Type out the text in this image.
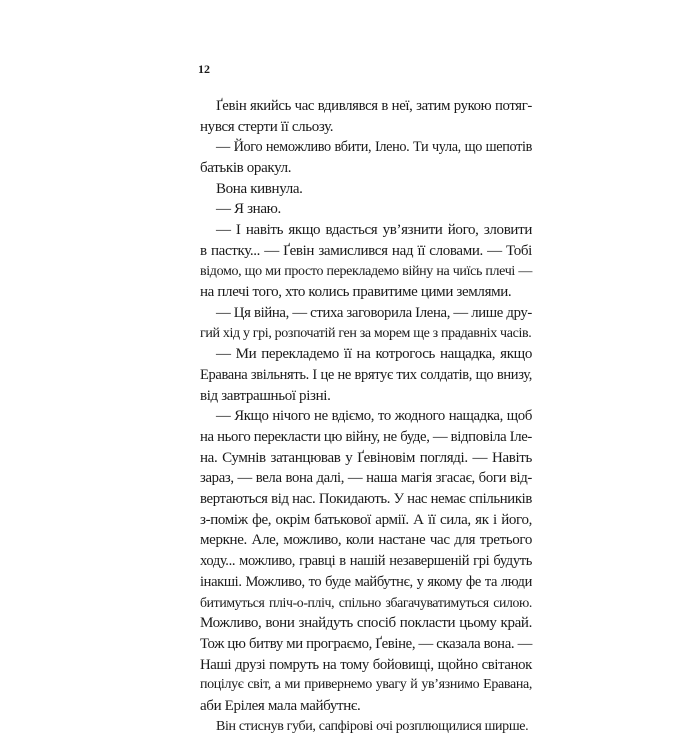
12
Ґевін якийсь час вдивлявся в неї, затим рукою потяг-
нувся стерти її сльозу.
— Його неможливо вбити, Ілено. Ти чула, що шепотів
батьків оракул.
Вона кивнула.
— Я знаю.
— І навіть якщо вдасться ув’язнити його, зловити
в пастку... — Ґевін замислився над її словами. — Тобі
відомо, що ми просто перекладемо війну на чиїсь плечі —
на плечі того, хто колись правитиме цими землями.
— Ця війна, — стиха заговорила Ілена, — лише дру-
гий хід у грі, розпочатій ген за морем ще з прадавніх часів.
— Ми перекладемо її на котрогось нащадка, якщо
Еравана звільнять. І це не врятує тих солдатів, що внизу,
від завтрашньої різні.
— Якщо нічого не вдіємо, то жодного нащадка, щоб
на нього перекласти цю війну, не буде, — відповіла Іле-
на. Сумнів затанцював у Ґевіновім погляді. — Навіть
зараз, — вела вона далі, — наша магія згасає, боги від-
вертаються від нас. Покидають. У нас немає спільників
з-поміж фе, окрім батькової армії. А її сила, як і його,
меркне. Але, можливо, коли настане час для третього
ходу... можливо, гравці в нашій незавершеній грі будуть
інакші. Можливо, то буде майбутнє, у якому фе та люди
битимуться пліч-о-пліч, спільно збагачуватимуться силою.
Можливо, вони знайдуть спосіб покласти цьому край.
Тож цю битву ми програємо, Ґевіне, — сказала вона. —
Наші друзі помруть на тому бойовищі, щойно світанок
поцілує світ, а ми привернемо увагу й ув’язнимо Еравана,
аби Ерілея мала майбутнє.
Він стиснув губи, сапфірові очі розплющилися ширше.
